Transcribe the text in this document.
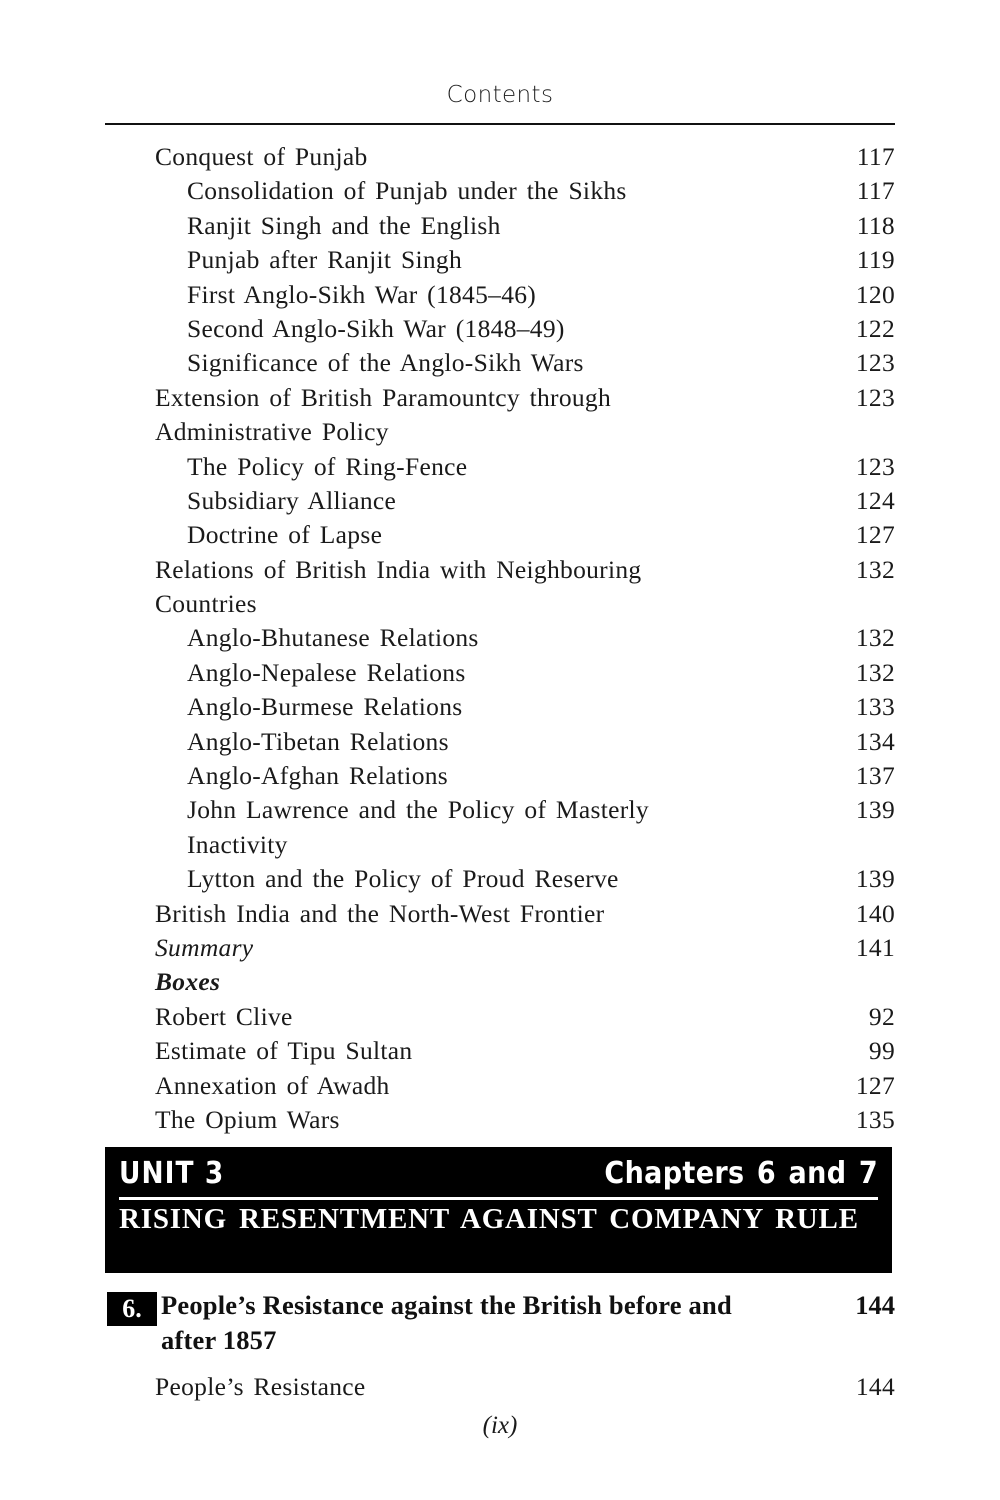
Contents
Conquest of Punjab	117
Consolidation of Punjab under the Sikhs	117
Ranjit Singh and the English	118
Punjab after Ranjit Singh	119
First Anglo-Sikh War (1845–46)	120
Second Anglo-Sikh War (1848–49)	122
Significance of the Anglo-Sikh Wars	123
Extension of British Paramountcy through	123
Administrative Policy
The Policy of Ring-Fence	123
Subsidiary Alliance	124
Doctrine of Lapse	127
Relations of British India with Neighbouring	132
Countries
Anglo-Bhutanese Relations	132
Anglo-Nepalese Relations	132
Anglo-Burmese Relations	133
Anglo-Tibetan Relations	134
Anglo-Afghan Relations	137
John Lawrence and the Policy of Masterly	139
Inactivity
Lytton and the Policy of Proud Reserve	139
British India and the North-West Frontier	140
Summary	141
Boxes
Robert Clive	92
Estimate of Tipu Sultan	99
Annexation of Awadh	127
The Opium Wars	135
UNIT 3	Chapters 6 and 7
RISING RESENTMENT AGAINST COMPANY RULE
6. People’s Resistance against the British before and after 1857
144
People’s Resistance	144
(ix)
